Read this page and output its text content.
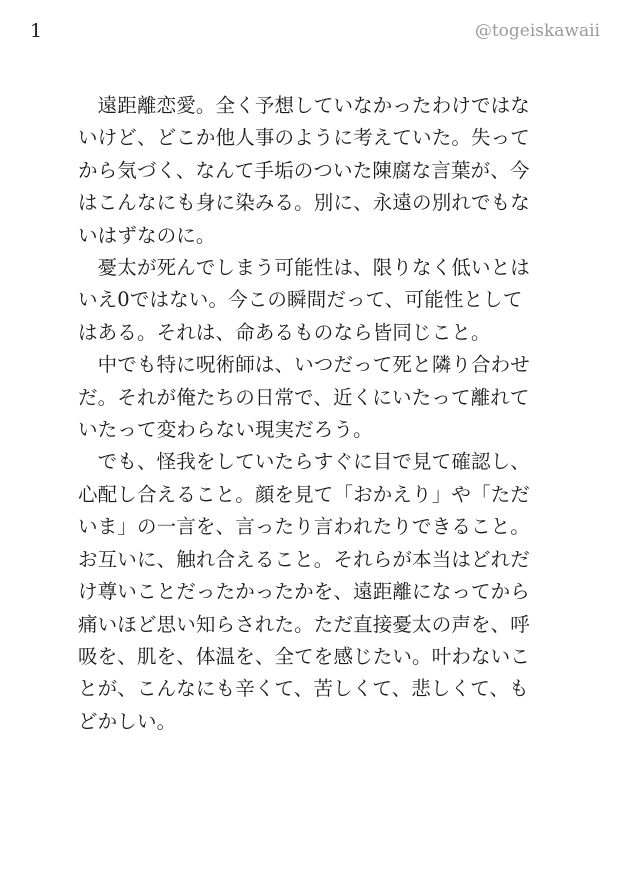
1	@togeiskawaii
　遠距離恋愛。全く予想していなかったわけではな
いけど、どこか他人事のように考えていた。失って
から気づく、なんて手垢のついた陳腐な言葉が、今
はこんなにも身に染みる。別に、永遠の別れでもな
いはずなのに。
　憂太が死んでしまう可能性は、限りなく低いとは
いえ0ではない。今この瞬間だって、可能性として
はある。それは、命あるものなら皆同じこと。
　中でも特に呪術師は、いつだって死と隣り合わせ
だ。それが俺たちの日常で、近くにいたって離れて
いたって変わらない現実だろう。
　でも、怪我をしていたらすぐに目で見て確認し、
心配し合えること。顔を見て「おかえり」や「ただ
いま」の一言を、言ったり言われたりできること。
お互いに、触れ合えること。それらが本当はどれだ
け尊いことだったかったかを、遠距離になってから
痛いほど思い知らされた。ただ直接憂太の声を、呼
吸を、肌を、体温を、全てを感じたい。叶わないこ
とが、こんなにも辛くて、苦しくて、悲しくて、も
どかしい。
